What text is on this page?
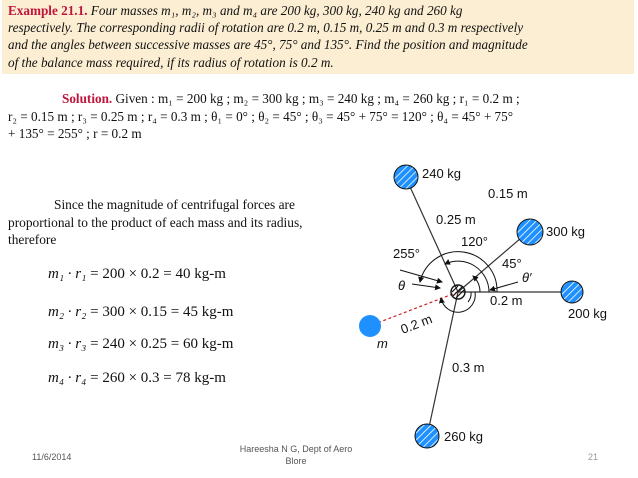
Example 21.1. Four masses m₁, m₂, m₃ and m₄ are 200 kg, 300 kg, 240 kg and 260 kg
respectively. The corresponding radii of rotation are 0.2 m, 0.15 m, 0.25 m and 0.3 m respectively
and the angles between successive masses are 45°, 75° and 135°. Find the position and magnitude
of the balance mass required, if its radius of rotation is 0.2 m.
Solution. Given : m₁ = 200 kg ; m₂ = 300 kg ; m₃ = 240 kg ; m₄ = 260 kg ; r₁ = 0.2 m ;
r₂ = 0.15 m ; r₃ = 0.25 m ; r₄ = 0.3 m ; θ₁ = 0° ; θ₂ = 45° ; θ₃ = 45° + 75° = 120° ; θ₄ = 45° + 75°
+ 135° = 255° ; r = 0.2 m
Since the magnitude of centrifugal forces are
proportional to the product of each mass and its radius,
therefore
m₁ · r₁ = 200 × 0.2 = 40 kg-m
m₂ · r₂ = 300 × 0.15 = 45 kg-m
m₃ · r₃ = 240 × 0.25 = 60 kg-m
m₄ · r₄ = 260 × 0.3 = 78 kg-m
240 kg
0.15 m
0.25 m
300 kg
120°
255°
45°
θ′
θ
0.2 m
200 kg
0.2 m
m
0.3 m
260 kg
11/6/2014
Hareesha N G, Dept of Aero
Blore	21
